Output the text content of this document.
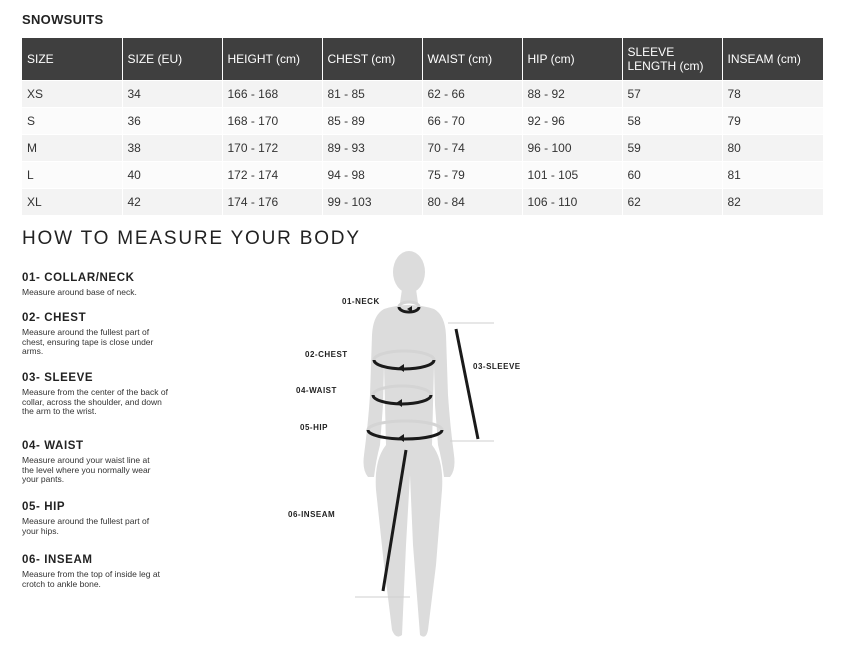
SNOWSUITS
SIZE	SIZE (EU)	HEIGHT (cm)	CHEST (cm)	WAIST (cm)	HIP (cm)	SLEEVE LENGTH (cm)	INSEAM (cm)
XS	34	166 - 168	81 - 85	62 - 66	88 - 92	57	78
S	36	168 - 170	85 - 89	66 - 70	92 - 96	58	79
M	38	170 - 172	89 - 93	70 - 74	96 - 100	59	80
L	40	172 - 174	94 - 98	75 - 79	101 - 105	60	81
XL	42	174 - 176	99 - 103	80 - 84	106 - 110	62	82
HOW TO MEASURE YOUR BODY
01- COLLAR/NECK
Measure around base of neck.
02- CHEST
Measure around the fullest part of chest, ensuring tape is close under arms.
03- SLEEVE
Measure from the center of the back of collar, across the shoulder, and down the arm to the wrist.
04- WAIST
Measure around your waist line at the level where you normally wear your pants.
05- HIP
Measure around the fullest part of your hips.
06- INSEAM
Measure from the top of inside leg at crotch to ankle bone.
01-NECK
02-CHEST
03-SLEEVE
04-WAIST
05-HIP
06-INSEAM
